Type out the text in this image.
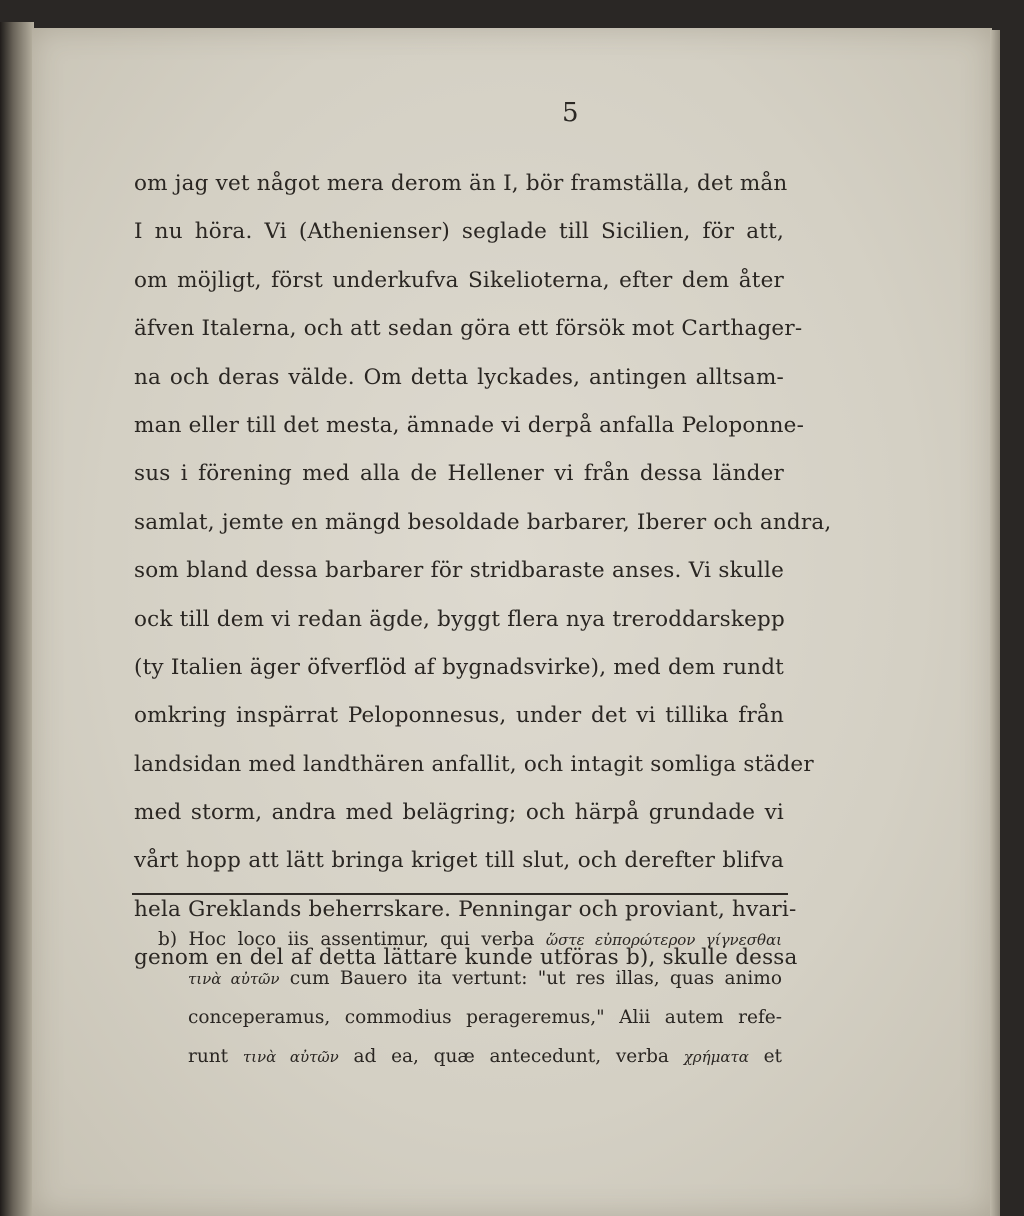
5
om jag vet något mera derom än I, bör framställa, det mån
I nu höra. Vi (Athenienser) seglade till Sicilien, för att,
om möjligt, först underkufva Sikelioterna, efter dem åter
äfven Italerna, och att sedan göra ett försök mot Carthager-
na och deras välde. Om detta lyckades, antingen alltsam-
man eller till det mesta, ämnade vi derpå anfalla Peloponne-
sus i förening med alla de Hellener vi från dessa länder
samlat, jemte en mängd besoldade barbarer, Iberer och andra,
som bland dessa barbarer för stridbaraste anses. Vi skulle
ock till dem vi redan ägde, byggt flera nya treroddarskepp
(ty Italien äger öfverflöd af bygnadsvirke), med dem rundt
omkring inspärrat Peloponnesus, under det vi tillika från
landsidan med landthären anfallit, och intagit somliga städer
med storm, andra med belägring; och härpå grundade vi
vårt hopp att lätt bringa kriget till slut, och derefter blifva
hela Greklands beherrskare. Penningar och proviant, hvari-
genom en del af detta lättare kunde utföras b), skulle dessa
b) Hoc loco iis assentimur, qui verba ὥστε εὐπορώτερον γίγνεσθαι
τινὰ αὐτῶν cum Bauero ita vertunt: "ut res illas, quas animo
conceperamus, commodius perageremus," Alii autem refe-
runt τινὰ αὐτῶν ad ea, quæ antecedunt, verba χρήματα et
